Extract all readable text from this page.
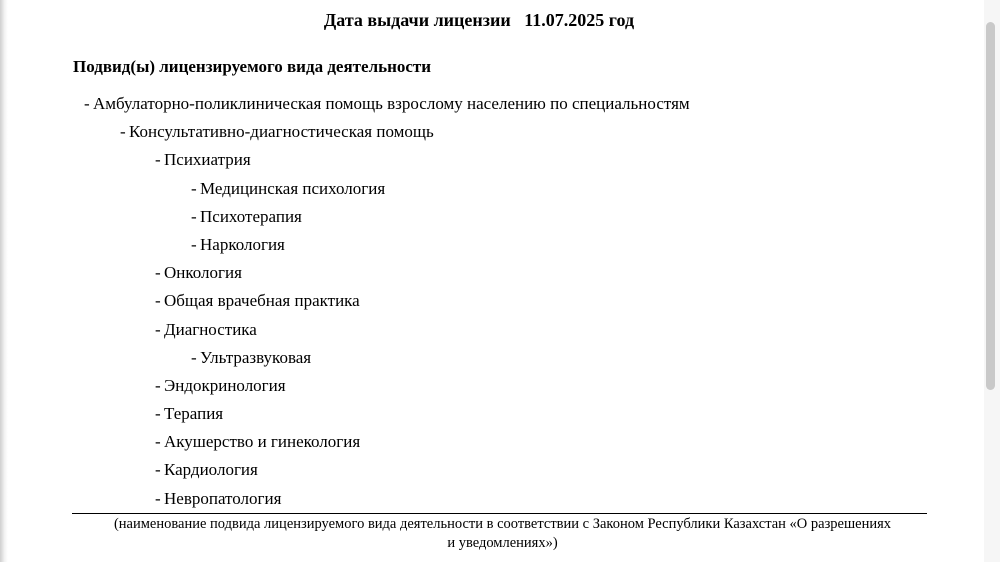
Дата выдачи лицензии   11.07.2025 год
Подвид(ы) лицензируемого вида деятельности
- Амбулаторно-поликлиническая помощь взрослому населению по специальностям
- Консультативно-диагностическая помощь
- Психиатрия
- Медицинская психология
- Психотерапия
- Наркология
- Онкология
- Общая врачебная практика
- Диагностика
- Ультразвуковая
- Эндокринология
- Терапия
- Акушерство и гинекология
- Кардиология
- Невропатология
(наименование подвида лицензируемого вида деятельности в соответствии с Законом Республики Казахстан «О разрешениях
и уведомлениях»)
